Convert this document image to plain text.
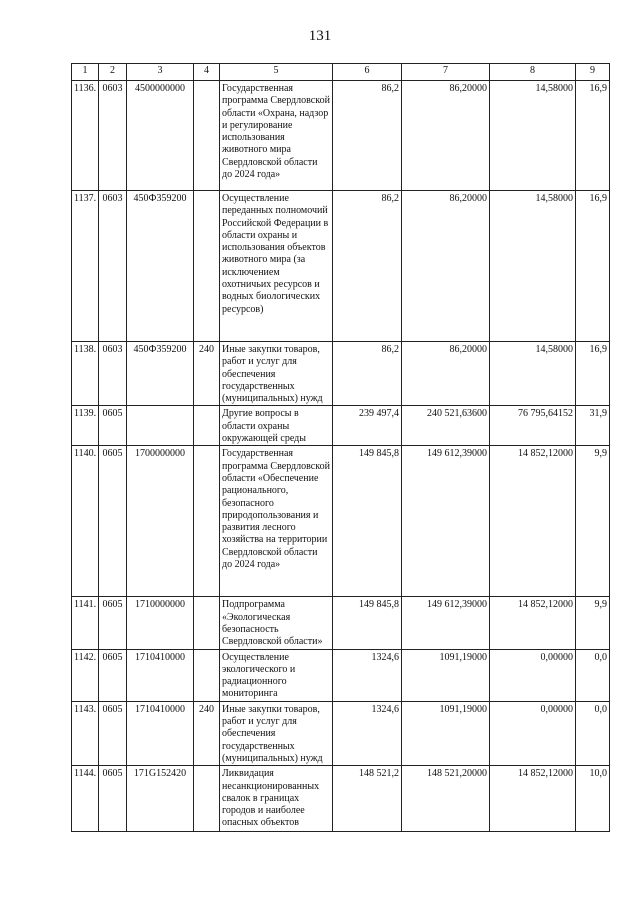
131
1	2	3	4	5	6	7	8	9
1136.	0603	4500000000		Государственная программа Свердловской области «Охрана, надзор и регулирование использования животного мира Свердловской области до 2024 года»	86,2	86,20000	14,58000	16,9
1137.	0603	450Ф359200		Осуществление переданных полномочий Российской Федерации в области охраны и использования объектов животного мира (за исключением охотничьих ресурсов и водных биологических ресурсов)	86,2	86,20000	14,58000	16,9
1138.	0603	450Ф359200	240	Иные закупки товаров, работ и услуг для обеспечения государственных (муниципальных) нужд	86,2	86,20000	14,58000	16,9
1139.	0605			Другие вопросы в области охраны окружающей среды	239 497,4	240 521,63600	76 795,64152	31,9
1140.	0605	1700000000		Государственная программа Свердловской области «Обеспечение рационального, безопасного природопользования и развития лесного хозяйства на территории Свердловской области до 2024 года»	149 845,8	149 612,39000	14 852,12000	9,9
1141.	0605	1710000000		Подпрограмма «Экологическая безопасность Свердловской области»	149 845,8	149 612,39000	14 852,12000	9,9
1142.	0605	1710410000		Осуществление экологического и радиационного мониторинга	1324,6	1091,19000	0,00000	0,0
1143.	0605	1710410000	240	Иные закупки товаров, работ и услуг для обеспечения государственных (муниципальных) нужд	1324,6	1091,19000	0,00000	0,0
1144.	0605	171G152420		Ликвидация несанкционированных свалок в границах городов и наиболее опасных объектов	148 521,2	148 521,20000	14 852,12000	10,0
